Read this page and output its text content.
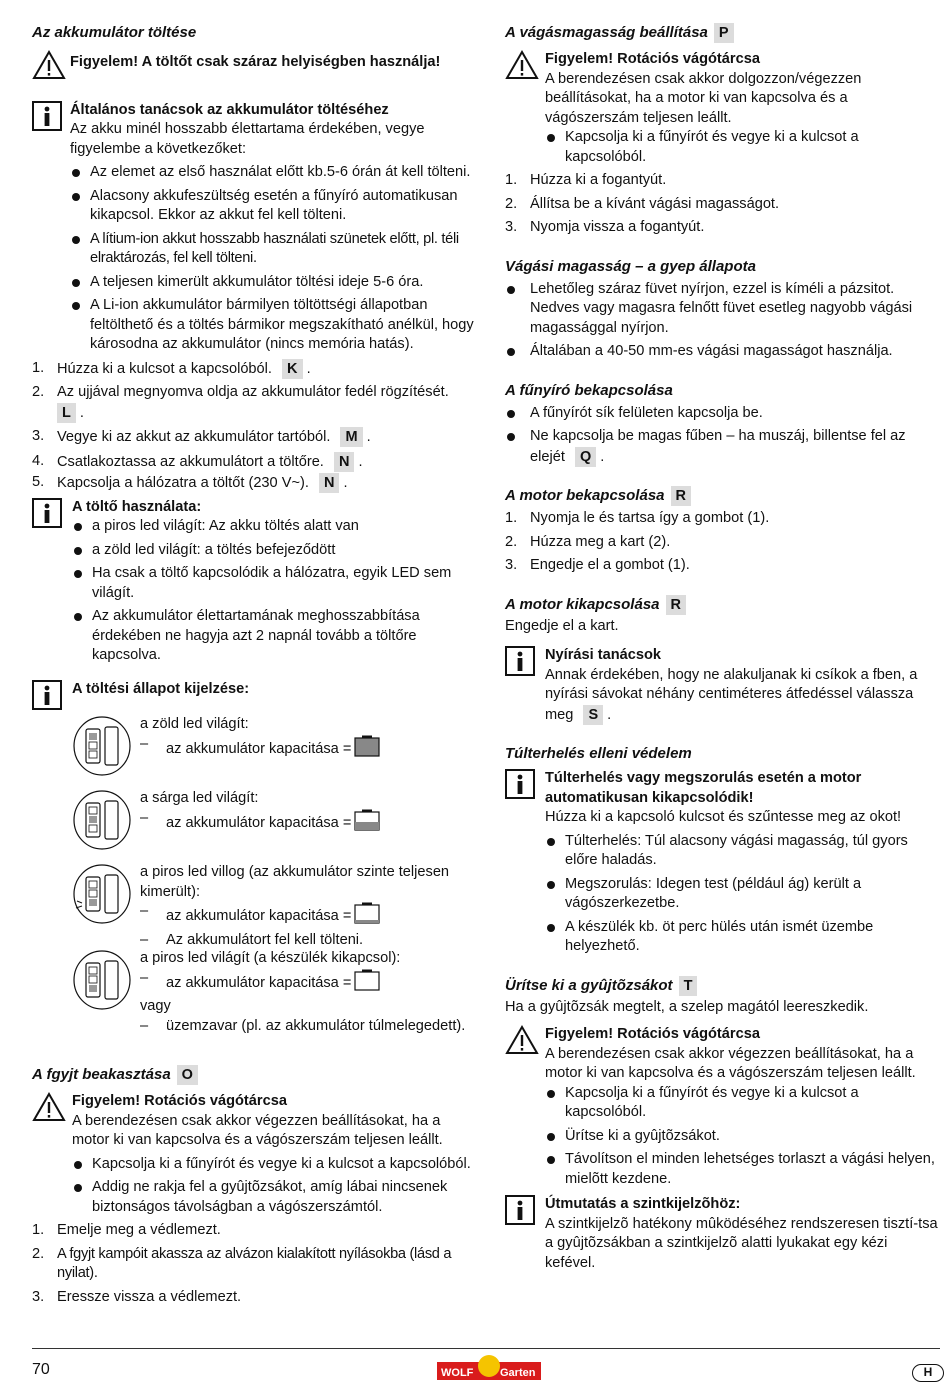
Az akkumulátor töltése
Figyelem! A töltőt csak száraz helyiségben használja!
Általános tanácsok az akkumulátor töltéséhez
Az akku minél hosszabb élettartama érdekében, vegye figyelembe a következőket:
Az elemet az első használat előtt kb.5-6 órán át kell tölteni.
Alacsony akkufeszültség esetén a fűnyíró automatikusan kikapcsol. Ekkor az akkut fel kell tölteni.
A lítium-ion akkut hosszabb használati szünetek előtt, pl. téli elraktározás, fel kell tölteni.
A teljesen kimerült akkumulátor töltési ideje 5-6 óra.
A Li-ion akkumulátor bármilyen töltöttségi állapotban feltölthető és a töltés bármikor megszakítható anélkül, hogy károsodna az akkumulátor (nincs memória hatás).
1. Húzza ki a kulcsot a kapcsolóból. K .
2. Az ujjával megnyomva oldja az akkumulátor fedél rögzítését.
L .
3. Vegye ki az akkut az akkumulátor tartóból. M .
4. Csatlakoztassa az akkumulátort a töltőre. N .
5. Kapcsolja a hálózatra a töltőt (230 V~). N .
A töltő használata:
a piros led világít: Az akku töltés alatt van
a zöld led világít: a töltés befejeződött
Ha csak a töltő kapcsolódik a hálózatra, egyik LED sem világít.
Az akkumulátor élettartamának meghosszabbítása érdekében ne hagyja azt 2 napnál tovább a töltőre kapcsolva.
A töltési állapot kijelzése:
a zöld led világít:
–	az akkumulátor kapacitása =
a sárga led világít:
–	az akkumulátor kapacitása =
a piros led villog (az akkumulátor szinte teljesen kimerült):
–	az akkumulátor kapacitása =
–	Az akkumulátort fel kell tölteni.
a piros led világít (a készülék kikapcsol):
–	az akkumulátor kapacitása =
vagy
–	üzemzavar (pl. az akkumulátor túlmelegedett).
A fgyjt beakasztása O
Figyelem! Rotációs vágótárcsa
A berendezésen csak akkor végezzen beállításokat, ha a motor ki van kapcsolva és a vágószerszám teljesen leállt.
Kapcsolja ki a fűnyírót és vegye ki a kulcsot a kapcsolóból.
Addig ne rakja fel a gyûjtõzsákot, amíg lábai nincsenek biztonságos távolságban a vágószerszámtól.
1. Emelje meg a védlemezt.
2. A fgyjt kampóit akassza az alvázon kialakított nyílásokba (lásd a nyilat).
3. Eressze vissza a védlemezt.
A vágásmagasság beállítása P
Figyelem! Rotációs vágótárcsa
A berendezésen csak akkor dolgozzon/végezzen beállításokat, ha a motor ki van kapcsolva és a vágószerszám teljesen leállt.
Kapcsolja ki a fűnyírót és vegye ki a kulcsot a kapcsolóból.
1. Húzza ki a fogantyút.
2. Állítsa be a kívánt vágási magasságot.
3. Nyomja vissza a fogantyút.
Vágási magasság – a gyep állapota
Lehetőleg száraz füvet nyírjon, ezzel is kíméli a pázsitot. Nedves vagy magasra felnőtt füvet esetleg nagyobb vágási magassággal nyírjon.
Általában a 40-50 mm-es vágási magasságot használja.
A fűnyíró bekapcsolása
A fűnyírót sík felületen kapcsolja be.
Ne kapcsolja be magas fűben – ha muszáj, billentse fel az elejét Q .
A motor bekapcsolása R
1. Nyomja le és tartsa így a gombot (1).
2. Húzza meg a kart (2).
3. Engedje el a gombot (1).
A motor kikapcsolása R
Engedje el a kart.
Nyírási tanácsok
Annak érdekében, hogy ne alakuljanak ki csíkok a fben, a nyírási sávokat néhány centiméteres átfedéssel válassza meg S .
Túlterhelés elleni védelem
Túlterhelés vagy megszorulás esetén a motor automatikusan kikapcsolódik!
Húzza ki a kapcsoló kulcsot és szűntesse meg az okot!
Túlterhelés: Túl alacsony vágási magasság, túl gyors előre haladás.
Megszorulás: Idegen test (például ág) került a vágószerkezetbe.
A készülék kb. öt perc hülés után ismét üzembe helyezhető.
Ürítse ki a gyûjtõzsákot T
Ha a gyûjtõzsák megtelt, a szelep magától leereszkedik.
Figyelem! Rotációs vágótárcsa
A berendezésen csak akkor végezzen beállításokat, ha a motor ki van kapcsolva és a vágószerszám teljesen leállt.
Kapcsolja ki a fűnyírót és vegye ki a kulcsot a kapcsolóból.
Ürítse ki a gyûjtõzsákot.
Távolítson el minden lehetséges torlaszt a vágási helyen, mielõtt kezdene.
Útmutatás a szintkijelzõhöz:
A szintkijelzõ hatékony mûködéséhez rendszeresen tisztí-tsa a gyûjtõzsákban a szintkijelzõ alatti lyukakat egy kézi kefével.
70	WOLF Garten	H
